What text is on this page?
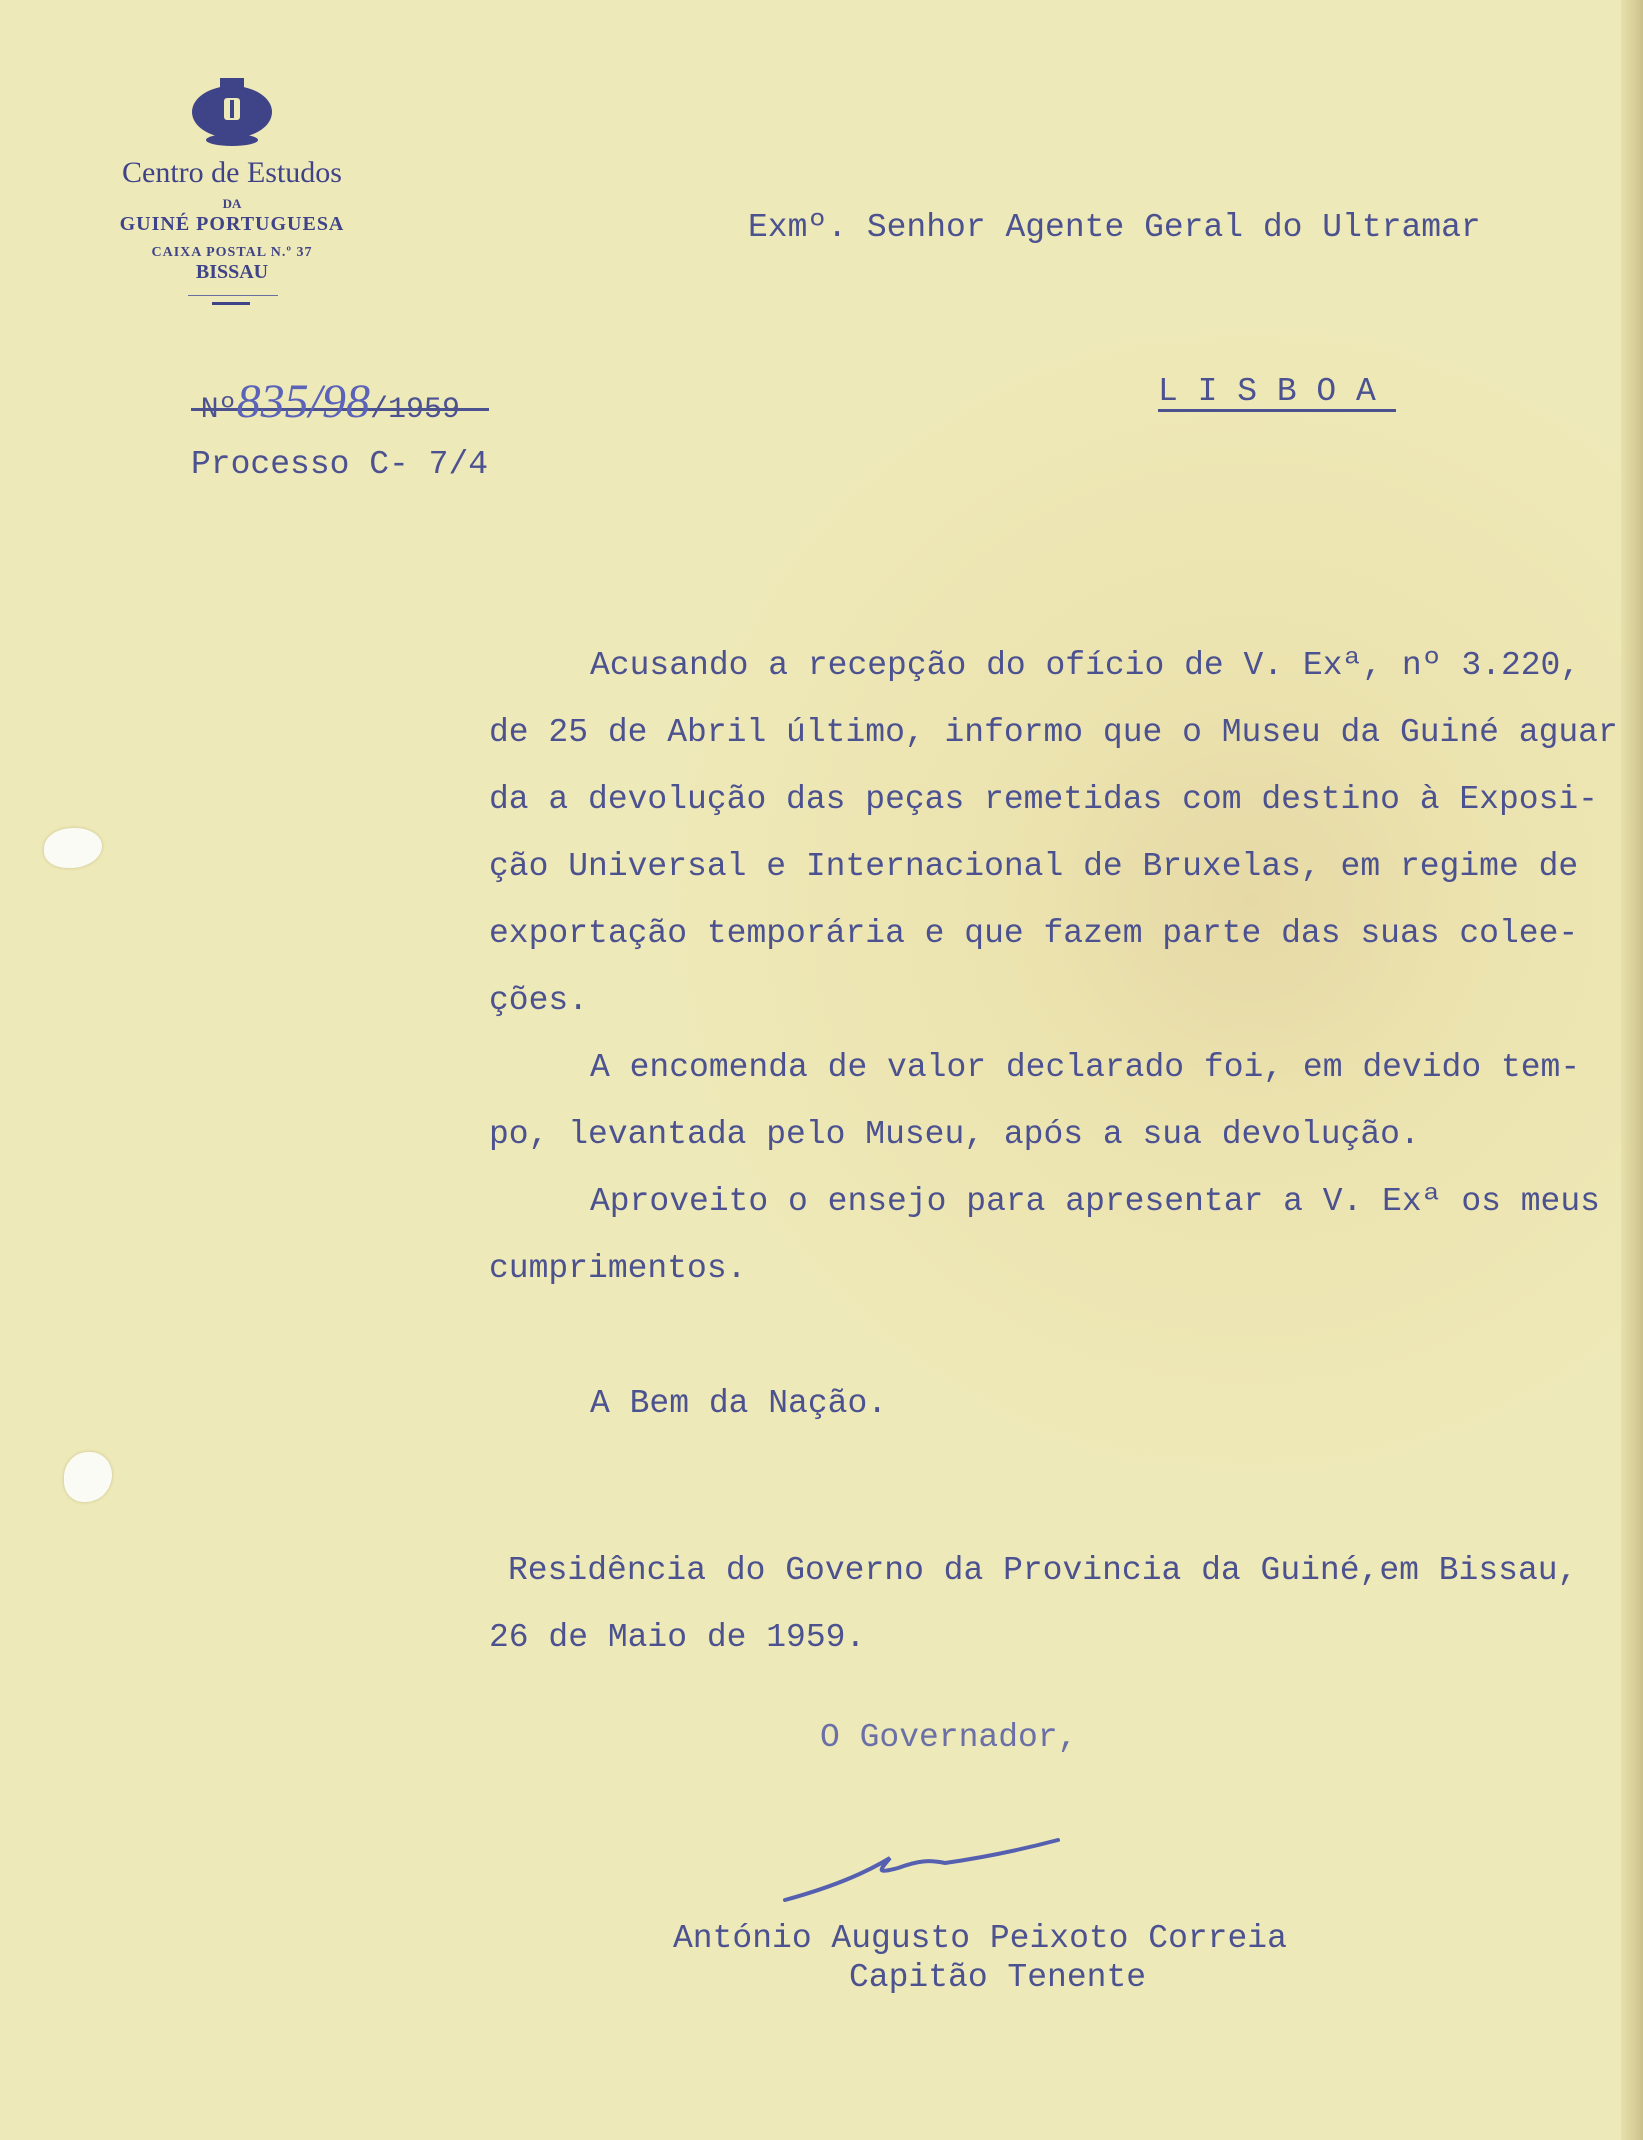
Centro de Estudos
DA
GUINÉ PORTUGUESA
CAIXA POSTAL N.º 37
BISSAU
Exmº. Senhor Agente Geral do Ultramar

Nº835/98/1959	L I S B O A
Processo C- 7/4
Acusando a recepção do ofício de V. Exª, nº 3.220,
de 25 de Abril último, informo que o Museu da Guiné aguar
da a devolução das peças remetidas com destino à Exposi-
ção Universal e Internacional de Bruxelas, em regime de
exportação temporária e que fazem parte das suas colee-
ções.
A encomenda de valor declarado foi, em devido tem-
po, levantada pelo Museu, após a sua devolução.
Aproveito o ensejo para apresentar a V. Exª os meus
cumprimentos.
A Bem da Nação.
Residência do Governo da Provincia da Guiné,em Bissau,
26 de Maio de 1959.
O Governador,
António Augusto Peixoto Correia
Capitão Tenente
